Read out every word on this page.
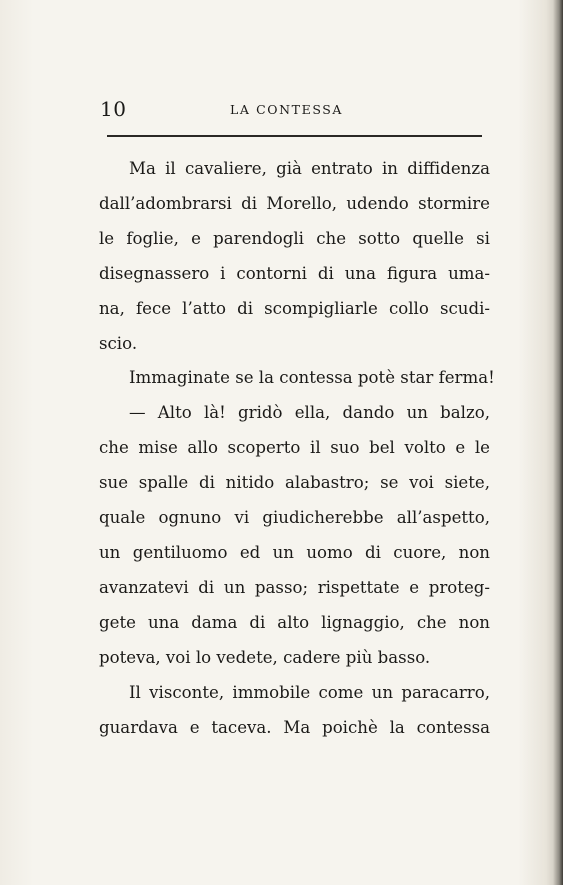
10	LA CONTESSA
Ma il cavaliere, già entrato in diffidenza
dall’adombrarsi di Morello, udendo stormire
le foglie, e parendogli che sotto quelle si
disegnassero i contorni di una figura uma-
na, fece l’atto di scompigliarle collo scudi-
scio.
Immaginate se la contessa potè star ferma!
— Alto là! gridò ella, dando un balzo,
che mise allo scoperto il suo bel volto e le
sue spalle di nitido alabastro; se voi siete,
quale ognuno vi giudicherebbe all’aspetto,
un gentiluomo ed un uomo di cuore, non
avanzatevi di un passo; rispettate e proteg-
gete una dama di alto lignaggio, che non
poteva, voi lo vedete, cadere più basso.
Il visconte, immobile come un paracarro,
guardava e taceva. Ma poichè la contessa
